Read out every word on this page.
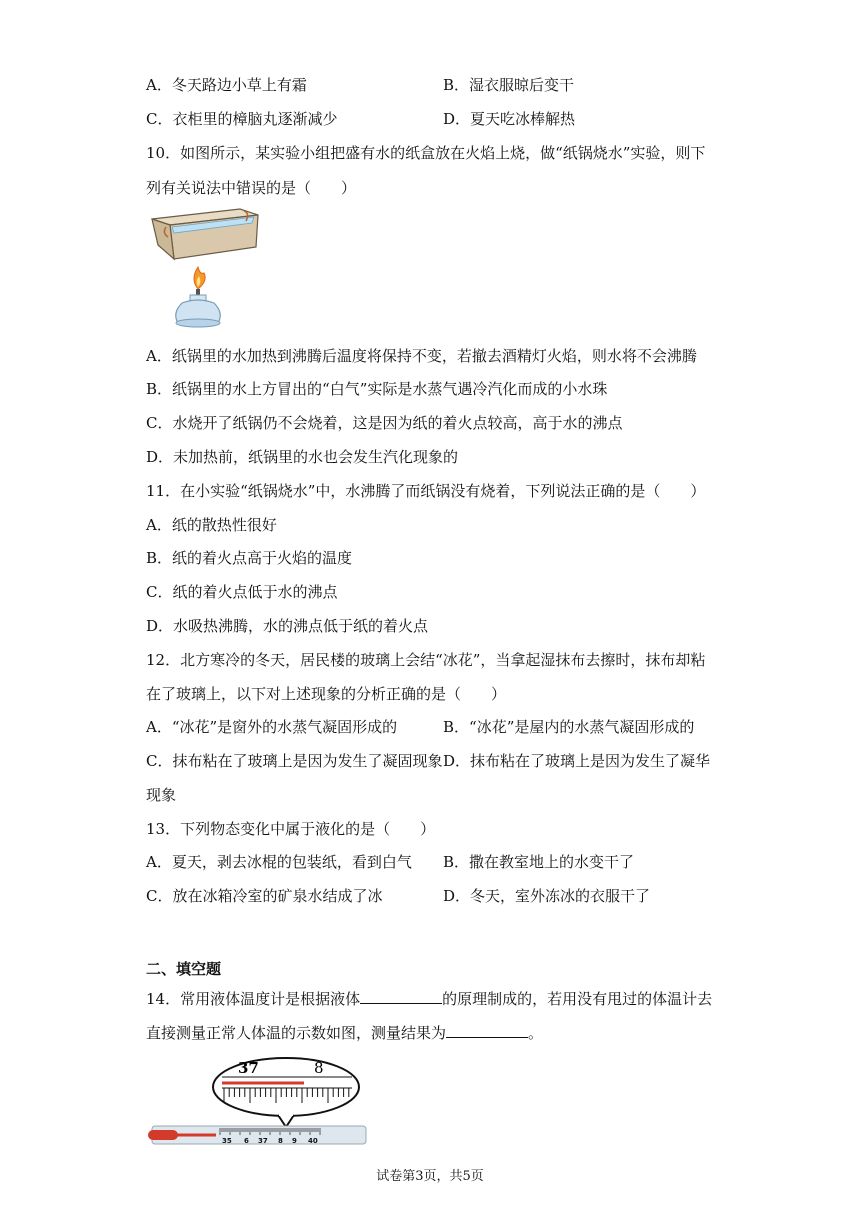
A．冬天路边小草上有霜	B．湿衣服晾后变干
C．衣柜里的樟脑丸逐渐减少	D．夏天吃冰棒解热
10．如图所示，某实验小组把盛有水的纸盒放在火焰上烧，做“纸锅烧水”实验，则下
列有关说法中错误的是（　　）
A．纸锅里的水加热到沸腾后温度将保持不变，若撤去酒精灯火焰，则水将不会沸腾
B．纸锅里的水上方冒出的“白气”实际是水蒸气遇冷汽化而成的小水珠
C．水烧开了纸锅仍不会烧着，这是因为纸的着火点较高，高于水的沸点
D．未加热前，纸锅里的水也会发生汽化现象的
11．在小实验“纸锅烧水”中，水沸腾了而纸锅没有烧着，下列说法正确的是（　　）
A．纸的散热性很好
B．纸的着火点高于火焰的温度
C．纸的着火点低于水的沸点
D．水吸热沸腾，水的沸点低于纸的着火点
12．北方寒冷的冬天，居民楼的玻璃上会结“冰花”，当拿起湿抹布去擦时，抹布却粘
在了玻璃上，以下对上述现象的分析正确的是（　　）
A．“冰花”是窗外的水蒸气凝固形成的	B．“冰花”是屋内的水蒸气凝固形成的
C．抹布粘在了玻璃上是因为发生了凝固现象 D．抹布粘在了玻璃上是因为发生了凝华
现象
13．下列物态变化中属于液化的是（　　）
A．夏天，剥去冰棍的包装纸，看到白气 B．撒在教室地上的水变干了
C．放在冰箱冷室的矿泉水结成了冰	D．冬天，室外冻冰的衣服干了
二、填空题
14．常用液体温度计是根据液体	的原理制成的，若用没有甩过的体温计去
直接测量正常人体温的示数如图，测量结果为	。
37	8
35 6 37 8 9 40
试卷第3页，共5页
